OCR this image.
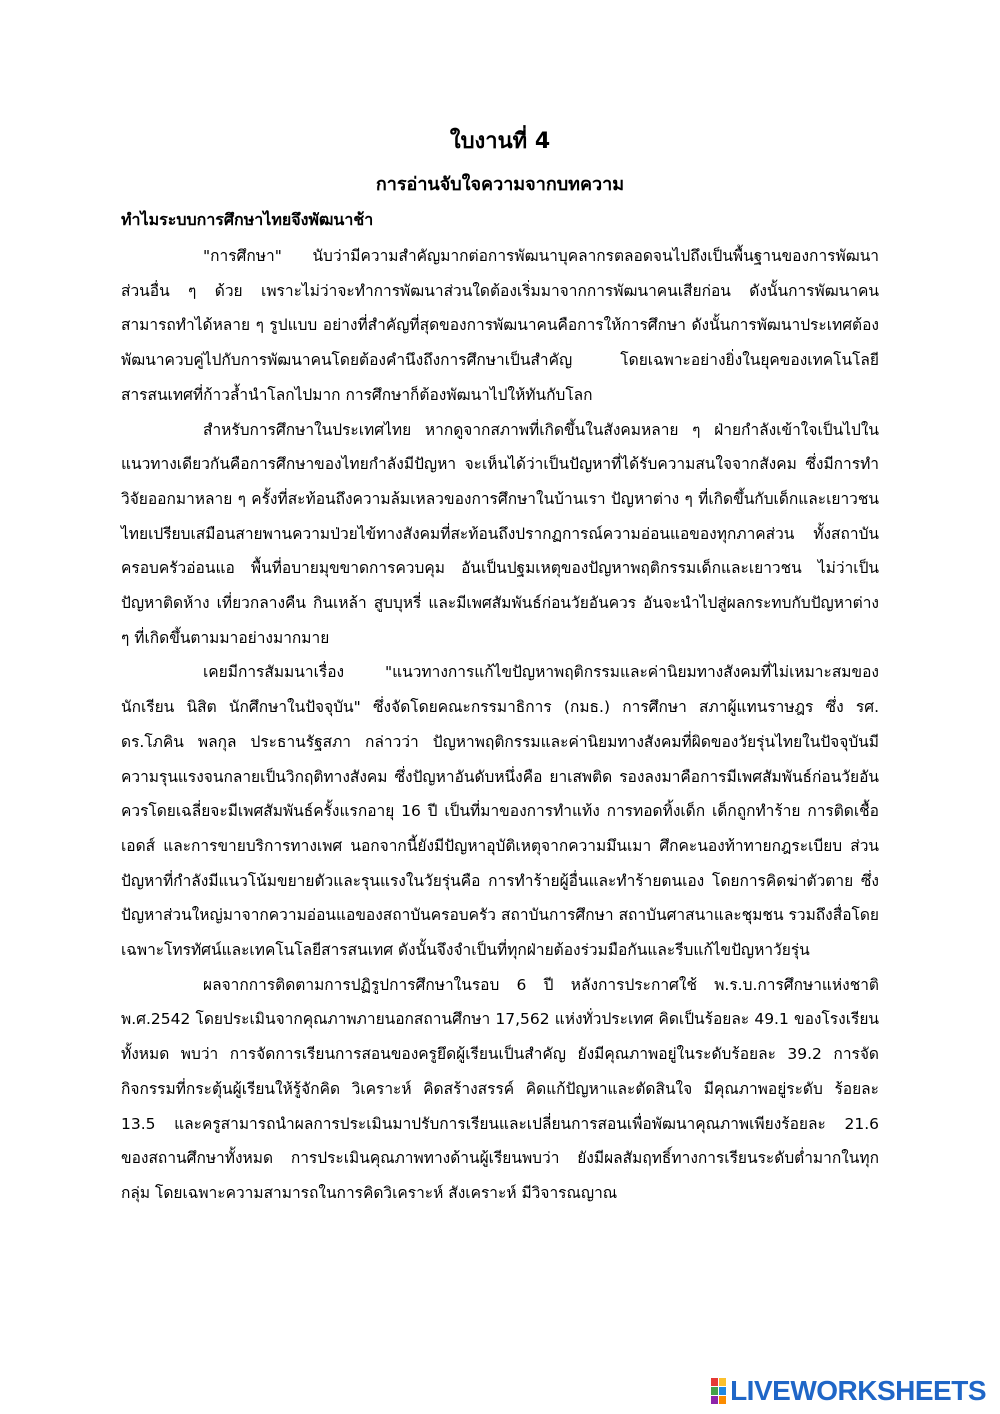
ใบงานที่ 4
การอ่านจับใจความจากบทความ
ทำไมระบบการศึกษาไทยจึงพัฒนาช้า

"การศึกษา" นับว่ามีความสำคัญมากต่อการพัฒนาบุคลากรตลอดจนไปถึงเป็นพื้นฐานของการพัฒนาส่วนอื่น ๆ ด้วย เพราะไม่ว่าจะทำการพัฒนาส่วนใดต้องเริ่มมาจากการพัฒนาคนเสียก่อน ดังนั้นการพัฒนาคนสามารถทำได้หลาย ๆ รูปแบบ อย่างที่สำคัญที่สุดของการพัฒนาคนคือการให้การศึกษา ดังนั้นการพัฒนาประเทศต้องพัฒนาควบคู่ไปกับการพัฒนาคนโดยต้องคำนึงถึงการศึกษาเป็นสำคัญ โดยเฉพาะอย่างยิ่งในยุคของเทคโนโลยีสารสนเทศที่ก้าวล้ำนำโลกไปมาก การศึกษาก็ต้องพัฒนาไปให้ทันกับโลก

สำหรับการศึกษาในประเทศไทย หากดูจากสภาพที่เกิดขึ้นในสังคมหลาย ๆ ฝ่ายกำลังเข้าใจเป็นไปในแนวทางเดียวกันคือการศึกษาของไทยกำลังมีปัญหา จะเห็นได้ว่าเป็นปัญหาที่ได้รับความสนใจจากสังคม ซึ่งมีการทำวิจัยออกมาหลาย ๆ ครั้งที่สะท้อนถึงความล้มเหลวของการศึกษาในบ้านเรา ปัญหาต่าง ๆ ที่เกิดขึ้นกับเด็กและเยาวชนไทยเปรียบเสมือนสายพานความป่วยไข้ทางสังคมที่สะท้อนถึงปรากฏการณ์ความอ่อนแอของทุกภาคส่วน ทั้งสถาบันครอบครัวอ่อนแอ พื้นที่อบายมุขขาดการควบคุม อันเป็นปฐมเหตุของปัญหาพฤติกรรมเด็กและเยาวชน ไม่ว่าเป็นปัญหาติดห้าง เที่ยวกลางคืน กินเหล้า สูบบุหรี่ และมีเพศสัมพันธ์ก่อนวัยอันควร อันจะนำไปสู่ผลกระทบกับปัญหาต่าง ๆ ที่เกิดขึ้นตามมาอย่างมากมาย

เคยมีการสัมมนาเรื่อง "แนวทางการแก้ไขปัญหาพฤติกรรมและค่านิยมทางสังคมที่ไม่เหมาะสมของนักเรียน นิสิต นักศึกษาในปัจจุบัน" ซึ่งจัดโดยคณะกรรมาธิการ (กมธ.) การศึกษา สภาผู้แทนราษฎร ซึ่ง รศ. ดร.โภคิน พลกุล ประธานรัฐสภา กล่าวว่า ปัญหาพฤติกรรมและค่านิยมทางสังคมที่ผิดของวัยรุ่นไทยในปัจจุบันมีความรุนแรงจนกลายเป็นวิกฤติทางสังคม ซึ่งปัญหาอันดับหนึ่งคือ ยาเสพติด รองลงมาคือการมีเพศสัมพันธ์ก่อนวัยอันควรโดยเฉลี่ยจะมีเพศสัมพันธ์ครั้งแรกอายุ 16 ปี เป็นที่มาของการทำแท้ง การทอดทิ้งเด็ก เด็กถูกทำร้าย การติดเชื้อเอดส์ และการขายบริการทางเพศ นอกจากนี้ยังมีปัญหาอุบัติเหตุจากความมึนเมา ศึกคะนองท้าทายกฎระเบียบ ส่วนปัญหาที่กำลังมีแนวโน้มขยายตัวและรุนแรงในวัยรุ่นคือ การทำร้ายผู้อื่นและทำร้ายตนเอง โดยการคิดฆ่าตัวตาย ซึ่งปัญหาส่วนใหญ่มาจากความอ่อนแอของสถาบันครอบครัว สถาบันการศึกษา สถาบันศาสนาและชุมชน รวมถึงสื่อโดยเฉพาะโทรทัศน์และเทคโนโลยีสารสนเทศ ดังนั้นจึงจำเป็นที่ทุกฝ่ายต้องร่วมมือกันและรีบแก้ไขปัญหาวัยรุ่น

ผลจากการติดตามการปฏิรูปการศึกษาในรอบ 6 ปี หลังการประกาศใช้ พ.ร.บ.การศึกษาแห่งชาติ พ.ศ.2542 โดยประเมินจากคุณภาพภายนอกสถานศึกษา 17,562 แห่งทั่วประเทศ คิดเป็นร้อยละ 49.1 ของโรงเรียนทั้งหมด พบว่า การจัดการเรียนการสอนของครูยึดผู้เรียนเป็นสำคัญ ยังมีคุณภาพอยู่ในระดับร้อยละ 39.2 การจัดกิจกรรมที่กระตุ้นผู้เรียนให้รู้จักคิด วิเคราะห์ คิดสร้างสรรค์ คิดแก้ปัญหาและตัดสินใจ มีคุณภาพอยู่ระดับ ร้อยละ 13.5 และครูสามารถนำผลการประเมินมาปรับการเรียนและเปลี่ยนการสอนเพื่อพัฒนาคุณภาพเพียงร้อยละ 21.6 ของสถานศึกษาทั้งหมด การประเมินคุณภาพทางด้านผู้เรียนพบว่า ยังมีผลสัมฤทธิ์ทางการเรียนระดับต่ำมากในทุกกลุ่ม โดยเฉพาะความสามารถในการคิดวิเคราะห์ สังเคราะห์ มีวิจารณญาณ

LIVEWORKSHEETS
